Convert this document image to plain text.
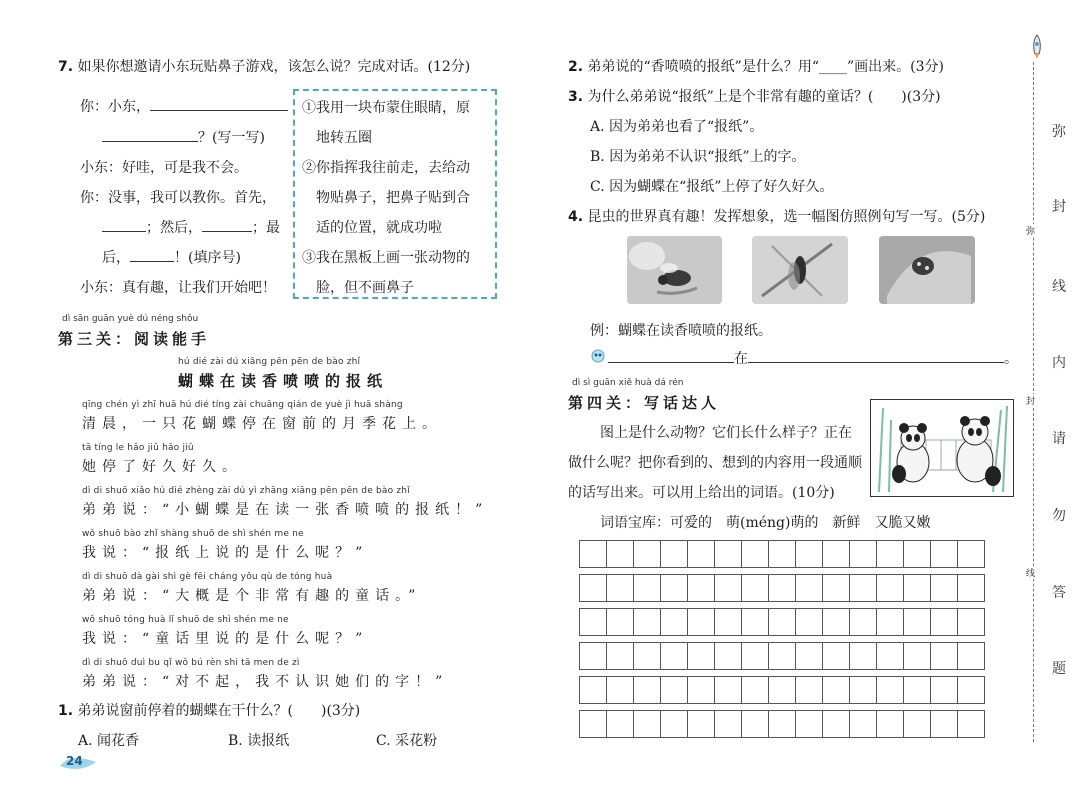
7. 如果你想邀请小东玩贴鼻子游戏，该怎么说？完成对话。(12分)
你：小东，
？(写一写)
小东：好哇，可是我不会。
你：没事，我可以教你。首先，
；然后，	；最
后，	！(填序号)
小东：真有趣，让我们开始吧！
①我用一块布蒙住眼睛，原
地转五圈
②你指挥我往前走，去给动
物贴鼻子，把鼻子贴到合
适的位置，就成功啦
③我在黑板上画一张动物的
脸，但不画鼻子
dì sān guān yuè dú néng shǒu
第三关：阅读能手
hú dié zài dú xiāng pēn pēn de bào zhǐ
蝴蝶在读香喷喷的报纸
qīng chén yì zhī huā hú dié tíng zài chuāng qián de yuè jì huā shàng
清晨，一只花蝴蝶停在窗前的月季花上。
tā tíng le hǎo jiǔ hǎo jiǔ
她停了好久好久。
dì di shuō xiǎo hú dié zhèng zài dú yì zhāng xiāng pēn pēn de bào zhǐ
弟弟说：“小蝴蝶是在读一张香喷喷的报纸！”
wǒ shuō bào zhǐ shàng shuō de shì shén me ne
我说：“报纸上说的是什么呢？”
dì di shuō dà gài shì gè fēi cháng yǒu qù de tóng huà
弟弟说：“大概是个非常有趣的童话。”
wǒ shuō tóng huà lǐ shuō de shì shén me ne
我说：“童话里说的是什么呢？”
dì di shuō duì bu qǐ wǒ bú rèn shi tā men de zì
弟弟说：“对不起，我不认识她们的字！”
1. 弟弟说窗前停着的蝴蝶在干什么？(　　)(3分)
A. 闻花香	B. 读报纸	C. 采花粉
24
2. 弟弟说的“香喷喷的报纸”是什么？用“____”画出来。(3分)
3. 为什么弟弟说“报纸”上是个非常有趣的童话？(　　)(3分)
A. 因为弟弟也看了“报纸”。
B. 因为弟弟不认识“报纸”上的字。
C. 因为蝴蝶在“报纸”上停了好久好久。
4. 昆虫的世界真有趣！发挥想象，选一幅图仿照例句写一写。(5分)
例：蝴蝶在读香喷喷的报纸。
在	。
dì sì guān xiě huà dá rén
第四关：写话达人
图上是什么动物？它们长什么样子？正在
做什么呢？把你看到的、想到的内容用一段通顺
的话写出来。可以用上给出的词语。(10分)
词语宝库：可爱的　萌(méng)萌的　新鲜　又脆又嫩

弥
封
线
内
请
勿
答
题
弥
封
线
